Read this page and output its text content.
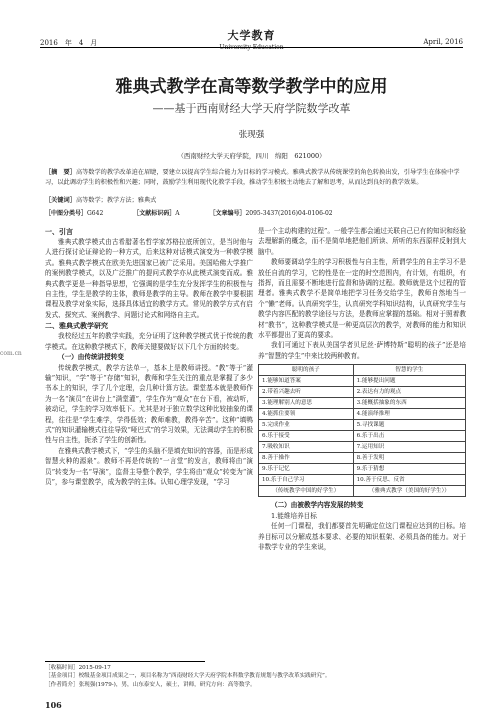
2016　年　4　月
大学教育
University Education
April, 2016
雅典式教学在高等数学教学中的应用
——基于西南财经大学天府学院数学改革
张现强
（西南财经大学天府学院，四川　绵阳　621000）
［摘　要］高等数学的教学改革迫在眉睫，要建立以提高学生综合能力为目标的学习模式。雅典式教学从传统课堂的角色转换出发，引导学生在体验中学习，以此调动学生的积极性和兴趣；同时，鼓励学生利用现代化教学手段，推动学生积极主动地去了解和思考，从而达到良好的教学效果。
［关键词］高等数学；教学方法；雅典式
［中图分类号］G642	［文献标识码］A	［文章编号］2095-3437(2016)04-0106-02
com.cn
一、引言

雅典式教学模式由古希腊著名哲学家苏格拉底所创立，是当时他与人进行探讨论证辩论的一种方式，后来这种对话模式演变为一种教学模式。雅典式教学模式在欧美先进国家已被广泛采用。美国哈佛大学推广的案例教学模式，以及广泛推广的提问式教学亦从此模式演变而成。雅典式教学更是一种指导思想，它强调的是学生充分发挥学生的积极性与自主性，学生是教学的主体，教师是教学的主导。教师在教学中要根据课程及教学对象实际，选择具体适宜的教学方式。常见的教学方式有启发式、探究式、案例教学、问题讨论式和网络自主式。

二、雅典式教学研究

我校经过五年的教学实践，充分证明了这种教学模式优于传统的教学模式。在这种教学模式下，教师关键要做好以下几个方面的转变。

（一）由传统讲授转变

传统教学模式，教学方法单一，基本上是教师讲授。“教”等于“灌输”知识，“学”等于“存储”知识，教师和学生关注的重点是掌握了多少书本上的知识，学了几个定理，会几种计算方法。课堂基本就是教师作为一名“演员”在讲台上“满堂灌”，学生作为“观众”在台下看，被动听，被动记，学生的学习效率低下。尤其是对于独立数学这种比较抽象的课程，往往是“学生难学，学得低效；教师难教，教得辛苦”。这种“填鸭式”的知识灌输模式往往导致“哑巴式”的学习效果，无法调动学生的积极性与自主性，扼杀了学生的创新性。

在雅典式教学模式下，“学生的头脑不是填充知识的容器，而是形成智慧火种的源泉”。教师不再是传统的“一言堂”的发言，教师将由“演员”转变为一名“导演”，监督主导整个教学，学生将由“观众”转变为“演员”，参与课堂教学，成为教学的主体。认知心理学发现，“学习

是一个主动构建的过程”。一般学生都会通过关联自己已有的知识和经验去理解新的概念，而不是简单地把他们所读、所听的东西原样反射到大脑中。

教师要调动学生的学习积极性与自主性，所谓学生的自主学习不是放任自流的学习，它的性是在一定的时空范围内，有计划，有组织，有指挥，而且需要不断地进行监督和协调的过程。教师就是这个过程的管理者。雅典式教学不是简单地把学习任务交给学生，教师自然地当一个“懒”老师。认真研究学生，认真研究学科知识结构，认真研究学生与教学内容匹配的教学途径与方法，是教师应掌握的基础。相对于照着教材“教书”，这种教学模式是一种更高层次的教学，对教师的能力和知识水平都提出了更高的要求。

我们可通过下表从美国学者贝尼丝·萨博特斯“聪明的孩子”还是培养“智慧的学生”中来比较两种教育。

聪明的孩子	智慧的学生
1.能够知道答案	1.能够提出问题
2.带着兴趣去听	2.表达有力的观点
3.能理解别人的意思	3.能概括抽象的东西
4.能抓住要领	4.能演绎推理
5.完成作业	5.寻找课题
6.乐于接受	6.乐于出击
7.吸收知识	7.运用知识
8.善于操作	8.善于发明
9.乐于记忆	9.乐于猜想
10.乐于自己学习	10.善于反思、反省
（传统教学中国的好学生）	（雅典式教学（美国的好学生））
（二）由被教学内容发展的转变

1.能维培养目标

任何一门课程，我们都要首先明确定位这门课程应达到的目标。培养目标可以分解成基本要求、必要的知识框架、必须具备的能力。对于非数学专业的学生来说，

［收稿时间］2015-09-17
［基金项目］校级基金项目成果之一，项目名称为“西南财经大学天府学院本科数学教育规划与教学改革实践研究”。
［作者简介］张现强(1979-)，男，山东泰安人，硕士，讲师，研究方向：高等数学。
106
